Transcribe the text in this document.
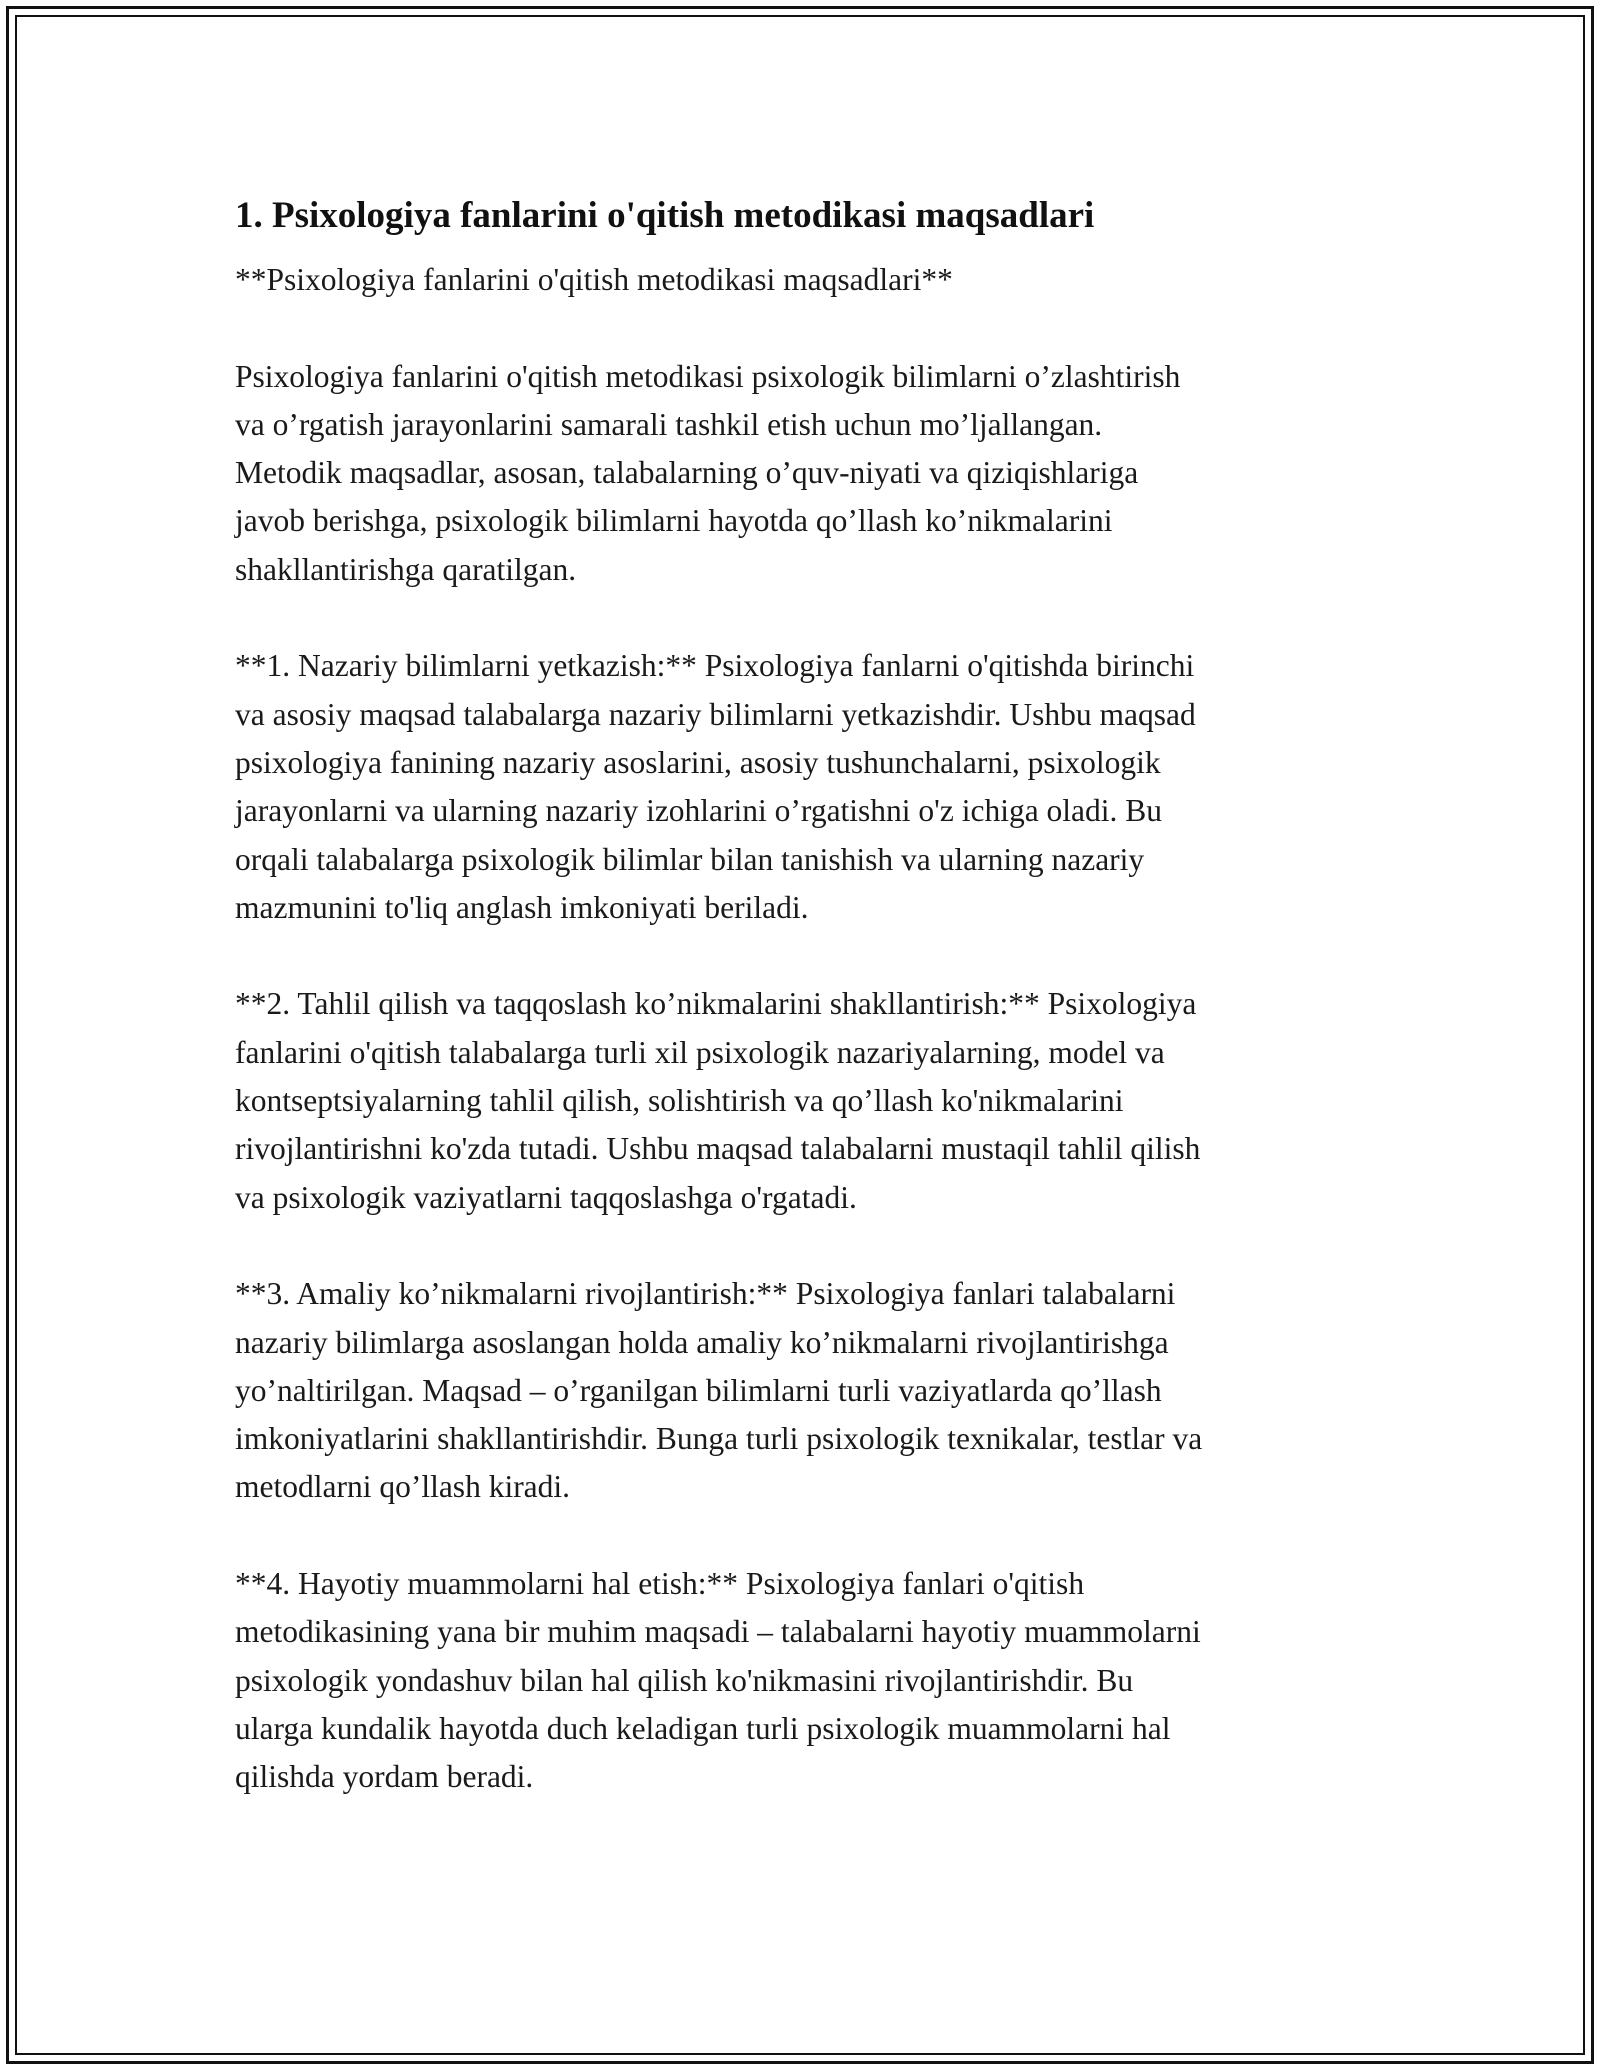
1. Psixologiya fanlarini o'qitish metodikasi maqsadlari

**Psixologiya fanlarini o'qitish metodikasi maqsadlari**

Psixologiya fanlarini o'qitish metodikasi psixologik bilimlarni o’zlashtirish
va o’rgatish jarayonlarini samarali tashkil etish uchun mo’ljallangan.
Metodik maqsadlar, asosan, talabalarning o’quv-niyati va qiziqishlariga
javob berishga, psixologik bilimlarni hayotda qo’llash ko’nikmalarini
shakllantirishga qaratilgan.

**1. Nazariy bilimlarni yetkazish:** Psixologiya fanlarni o'qitishda birinchi
va asosiy maqsad talabalarga nazariy bilimlarni yetkazishdir. Ushbu maqsad
psixologiya fanining nazariy asoslarini, asosiy tushunchalarni, psixologik
jarayonlarni va ularning nazariy izohlarini o’rgatishni o'z ichiga oladi. Bu
orqali talabalarga psixologik bilimlar bilan tanishish va ularning nazariy
mazmunini to'liq anglash imkoniyati beriladi.

**2. Tahlil qilish va taqqoslash ko’nikmalarini shakllantirish:** Psixologiya
fanlarini o'qitish talabalarga turli xil psixologik nazariyalarning, model va
kontseptsiyalarning tahlil qilish, solishtirish va qo’llash ko'nikmalarini
rivojlantirishni ko'zda tutadi. Ushbu maqsad talabalarni mustaqil tahlil qilish
va psixologik vaziyatlarni taqqoslashga o'rgatadi.

**3. Amaliy ko’nikmalarni rivojlantirish:** Psixologiya fanlari talabalarni
nazariy bilimlarga asoslangan holda amaliy ko’nikmalarni rivojlantirishga
yo’naltirilgan. Maqsad – o’rganilgan bilimlarni turli vaziyatlarda qo’llash
imkoniyatlarini shakllantirishdir. Bunga turli psixologik texnikalar, testlar va
metodlarni qo’llash kiradi.

**4. Hayotiy muammolarni hal etish:** Psixologiya fanlari o'qitish
metodikasining yana bir muhim maqsadi – talabalarni hayotiy muammolarni
psixologik yondashuv bilan hal qilish ko'nikmasini rivojlantirishdir. Bu
ularga kundalik hayotda duch keladigan turli psixologik muammolarni hal
qilishda yordam beradi.
